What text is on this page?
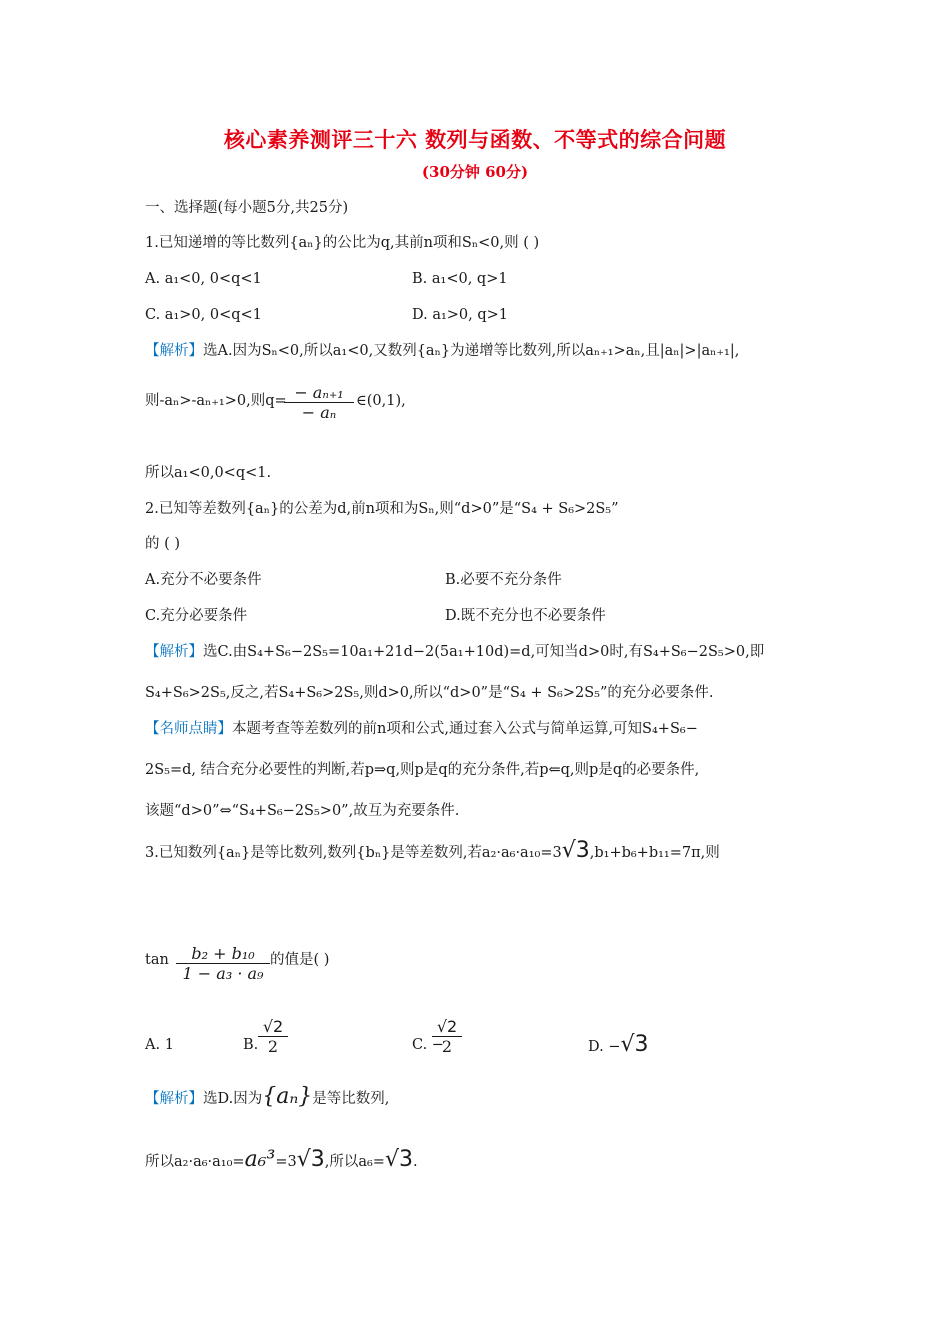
核心素养测评三十六 数列与函数、不等式的综合问题
(30分钟 60分)
一、选择题(每小题5分,共25分)
1.已知递增的等比数列{aₙ}的公比为q,其前n项和Sₙ<0,则 ( )
A. a₁<0, 0<q<1	B. a₁<0, q>1
C. a₁>0, 0<q<1	D. a₁>0, q>1
【解析】选A.因为Sₙ<0,所以a₁<0,又数列{aₙ}为递增等比数列,所以aₙ₊₁>aₙ,且|aₙ|>|aₙ₊₁|,
则-aₙ>-aₙ₊₁>0,则q= − aₙ₊₁
− aₙ
∈(0,1),
所以a₁<0,0<q<1.
2.已知等差数列{aₙ}的公差为d,前n项和为Sₙ,则“d>0”是“S₄ + S₆>2S₅”
的 ( )
A.充分不必要条件	B.必要不充分条件
C.充分必要条件	D.既不充分也不必要条件
【解析】选C.由S₄+S₆−2S₅=10a₁+21d−2(5a₁+10d)=d,可知当d>0时,有S₄+S₆−2S₅>0,即
S₄+S₆>2S₅,反之,若S₄+S₆>2S₅,则d>0,所以“d>0”是“S₄ + S₆>2S₅”的充分必要条件.
【名师点睛】本题考查等差数列的前n项和公式,通过套入公式与简单运算,可知S₄+S₆−
2S₅=d, 结合充分必要性的判断,若p⇒q,则p是q的充分条件,若p⇐q,则p是q的必要条件,
该题“d>0”⇔“S₄+S₆−2S₅>0”,故互为充要条件.
3.已知数列{aₙ}是等比数列,数列{bₙ}是等差数列,若a₂·a₆·a₁₀=3√3,b₁+b₆+b₁₁=7π,则
tan	b₂ + b₁₀
1 − a₃ · a₉
的值是( )
A. 1	B.
√2
2	C. −
√2
2	D. −√3
【解析】选D.因为{aₙ}是等比数列,
所以a₂·a₆·a₁₀=a₆³=3√3,所以a₆=√3.
